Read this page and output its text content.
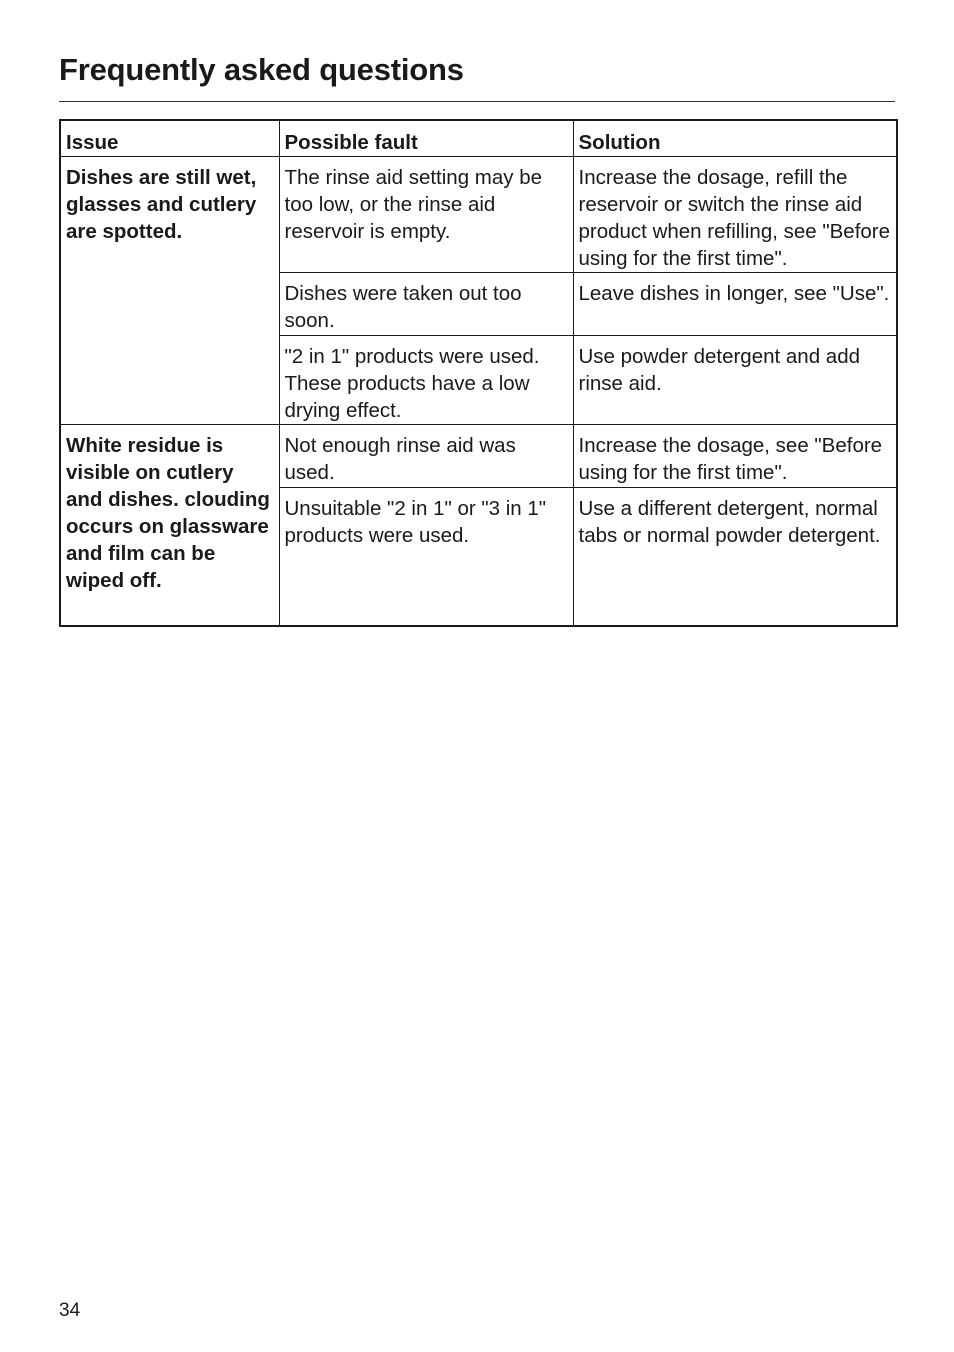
Frequently asked questions
Issue	Possible fault	Solution
Dishes are still wet, glasses and cutlery are spotted.	The rinse aid setting may be too low, or the rinse aid reservoir is empty.	Increase the dosage, refill the reservoir or switch the rinse aid product when refilling, see "Before using for the first time".
	Dishes were taken out too soon.	Leave dishes in longer, see "Use".
	"2 in 1" products were used. These products have a low drying effect.	Use powder detergent and add rinse aid.
White residue is visible on cutlery and dishes. clouding occurs on glassware and film can be wiped off.	Not enough rinse aid was used.	Increase the dosage, see "Before using for the first time".
	Unsuitable "2 in 1" or "3 in 1" products were used.	Use a different detergent, normal tabs or normal powder detergent.
34
